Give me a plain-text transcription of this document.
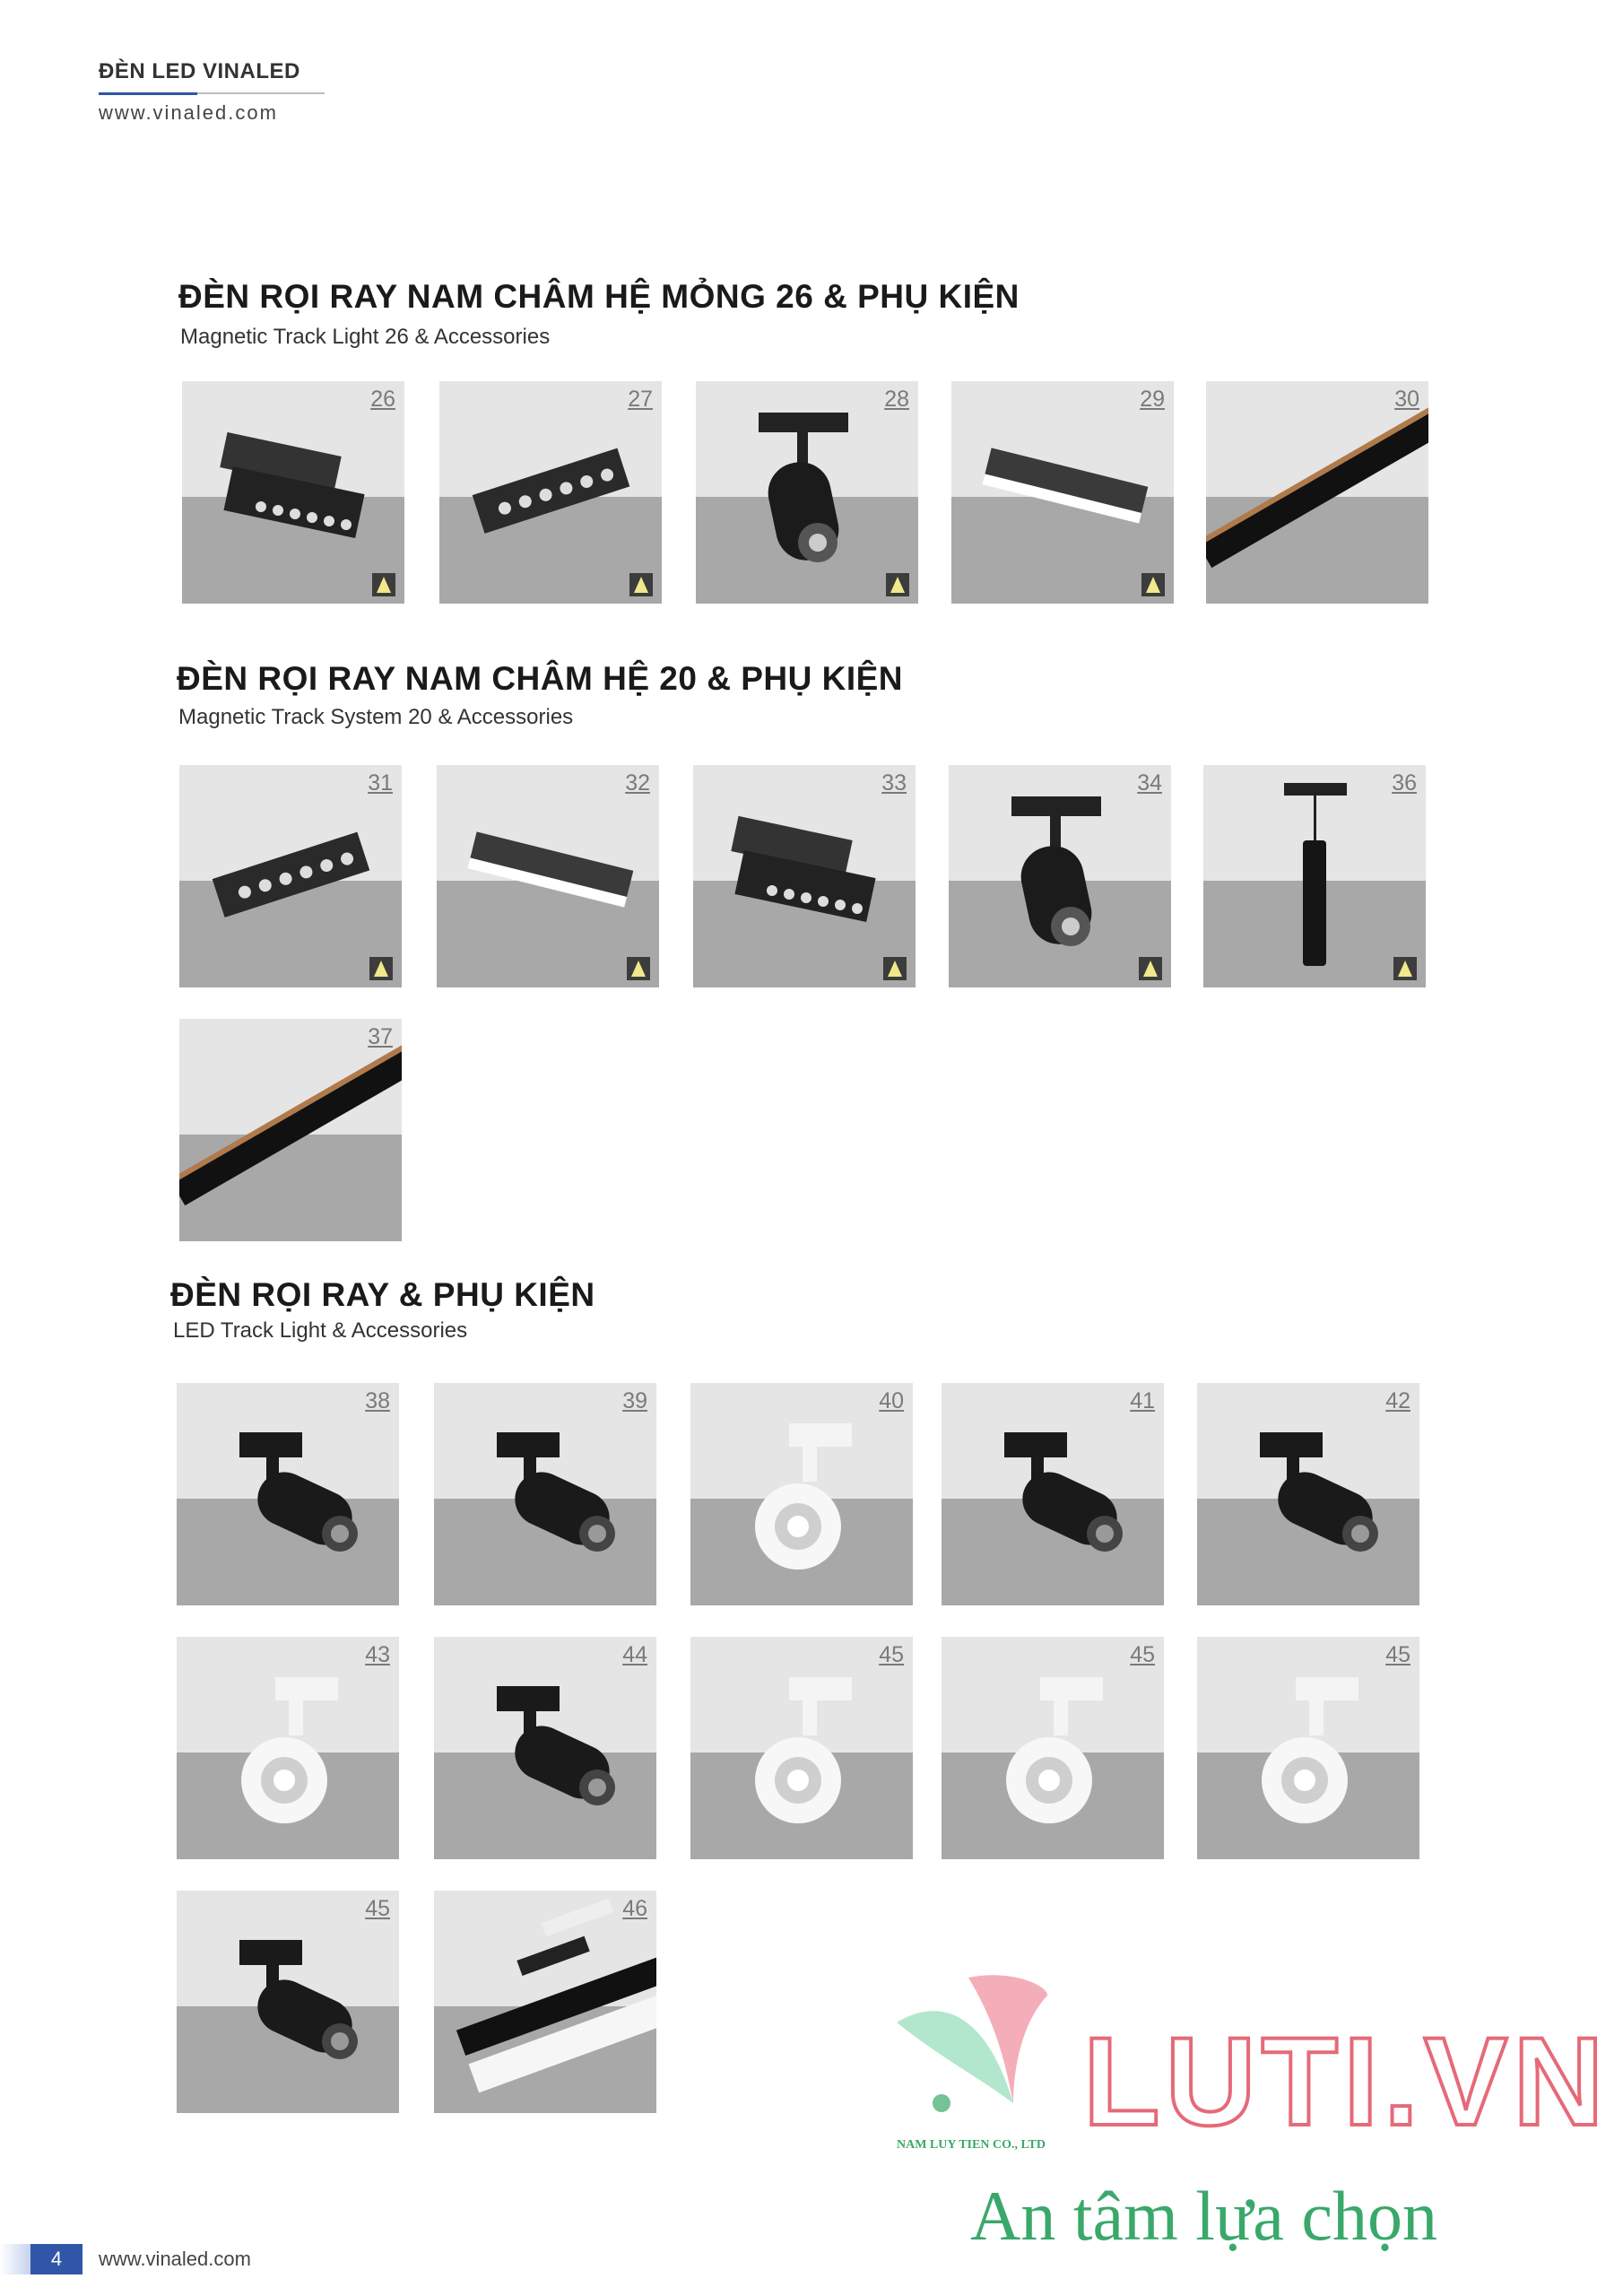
ĐÈN LED VINALED
www.vinaled.com
ĐÈN RỌI RAY NAM CHÂM HỆ MỎNG 26 & PHỤ KIỆN
Magnetic Track Light 26 & Accessories
ĐÈN RỌI RAY NAM CHÂM HỆ 20 & PHỤ KIỆN
Magnetic Track System 20 & Accessories
ĐÈN RỌI RAY & PHỤ KIỆN
LED Track Light & Accessories
26	27	28	29	30
31	32	33	34	36
37
38	39	40	41	42
43	44	45	45	45
45	46
4	www.vinaled.com
LUTI.VN
NAM LUY TIEN CO., LTD
An tâm lựa chọn
